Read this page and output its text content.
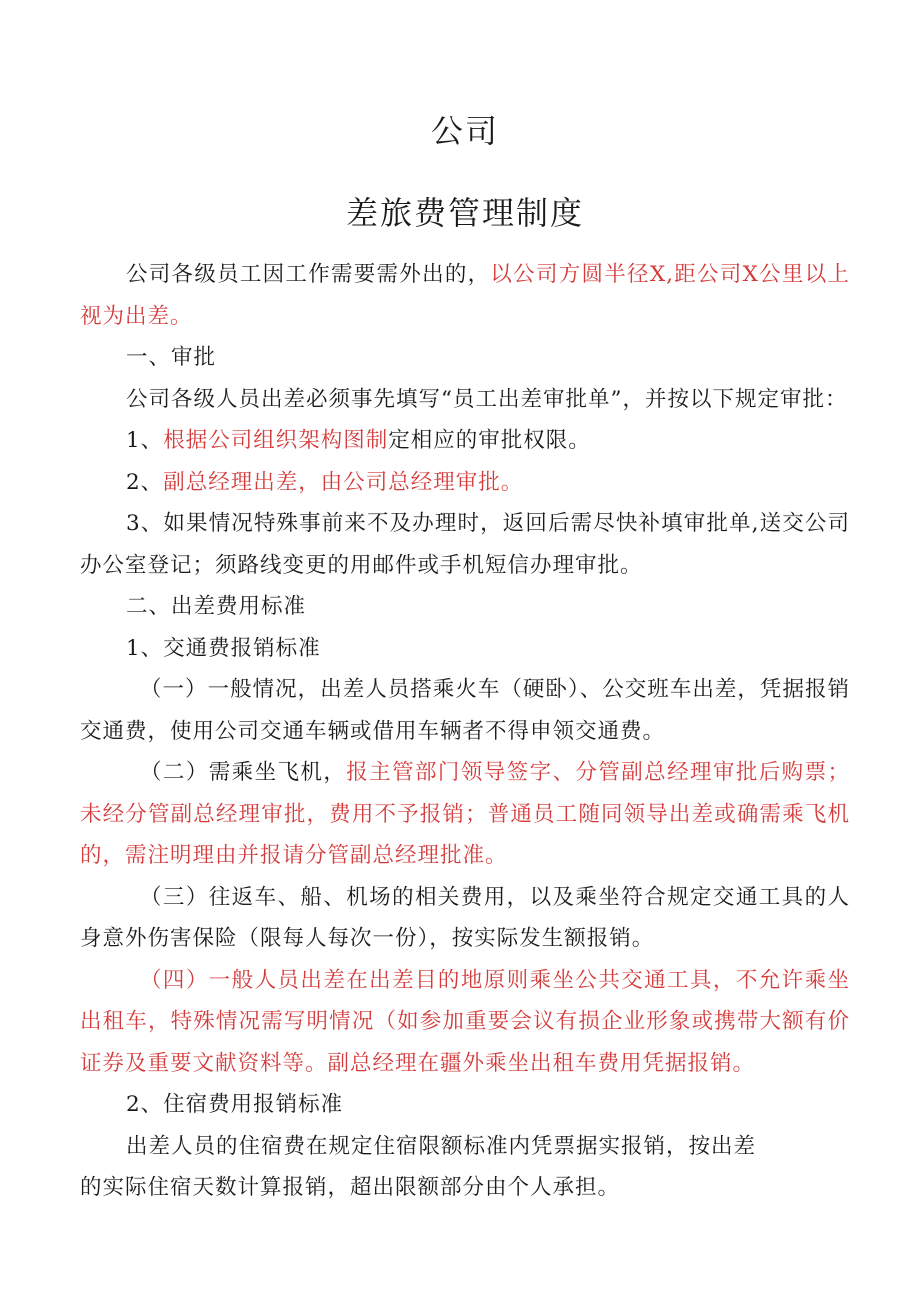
公司
差旅费管理制度

公司各级员工因工作需要需外出的，以公司方圆半径X,距公司X公里以上视为出差。

一、审批

公司各级人员出差必须事先填写“员工出差审批单”，并按以下规定审批：

1、根据公司组织架构图制定相应的审批权限。

2、副总经理出差，由公司总经理审批。

3、如果情况特殊事前来不及办理时，返回后需尽快补填审批单,送交公司办公室登记；须路线变更的用邮件或手机短信办理审批。

二、出差费用标准

1、交通费报销标准

（一）一般情况，出差人员搭乘火车（硬卧）、公交班车出差，凭据报销交通费，使用公司交通车辆或借用车辆者不得申领交通费。

（二）需乘坐飞机，报主管部门领导签字、分管副总经理审批后购票；未经分管副总经理审批，费用不予报销；普通员工随同领导出差或确需乘飞机的，需注明理由并报请分管副总经理批准。

（三）往返车、船、机场的相关费用，以及乘坐符合规定交通工具的人身意外伤害保险（限每人每次一份），按实际发生额报销。

（四）一般人员出差在出差目的地原则乘坐公共交通工具，不允许乘坐出租车，特殊情况需写明情况（如参加重要会议有损企业形象或携带大额有价证券及重要文献资料等。副总经理在疆外乘坐出租车费用凭据报销。

2、住宿费用报销标准

出差人员的住宿费在规定住宿限额标准内凭票据实报销，按出差

的实际住宿天数计算报销，超出限额部分由个人承担。
